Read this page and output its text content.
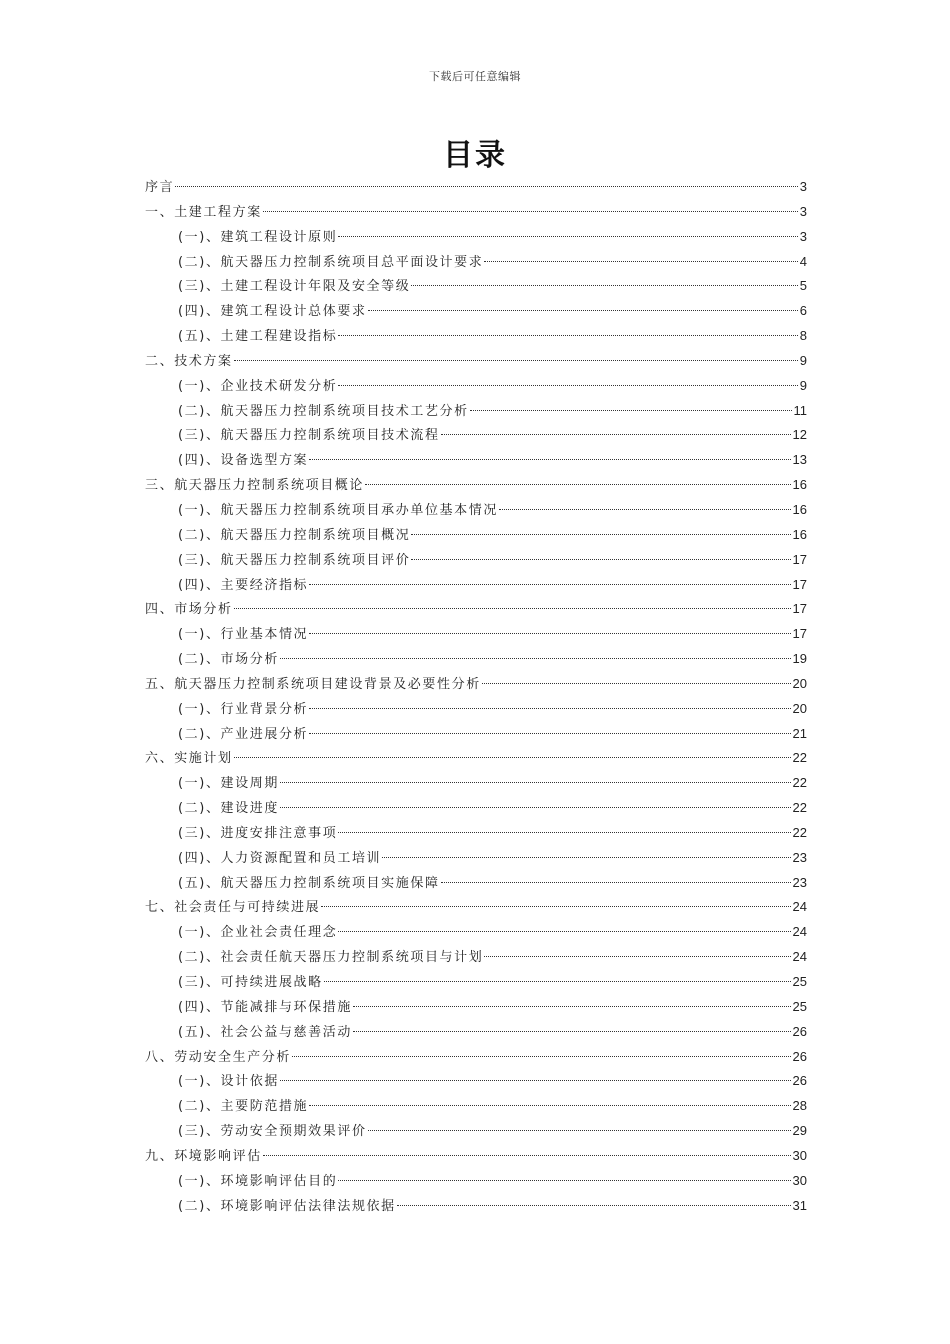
下载后可任意编辑
目录
序言	3
一、土建工程方案	3
(一)、建筑工程设计原则	3
(二)、航天器压力控制系统项目总平面设计要求	4
(三)、土建工程设计年限及安全等级	5
(四)、建筑工程设计总体要求	6
(五)、土建工程建设指标	8
二、技术方案	9
(一)、企业技术研发分析	9
(二)、航天器压力控制系统项目技术工艺分析	11
(三)、航天器压力控制系统项目技术流程	12
(四)、设备选型方案	13
三、航天器压力控制系统项目概论	16
(一)、航天器压力控制系统项目承办单位基本情况	16
(二)、航天器压力控制系统项目概况	16
(三)、航天器压力控制系统项目评价	17
(四)、主要经济指标	17
四、市场分析	17
(一)、行业基本情况	17
(二)、市场分析	19
五、航天器压力控制系统项目建设背景及必要性分析	20
(一)、行业背景分析	20
(二)、产业进展分析	21
六、实施计划	22
(一)、建设周期	22
(二)、建设进度	22
(三)、进度安排注意事项	22
(四)、人力资源配置和员工培训	23
(五)、航天器压力控制系统项目实施保障	23
七、社会责任与可持续进展	24
(一)、企业社会责任理念	24
(二)、社会责任航天器压力控制系统项目与计划	24
(三)、可持续进展战略	25
(四)、节能减排与环保措施	25
(五)、社会公益与慈善活动	26
八、劳动安全生产分析	26
(一)、设计依据	26
(二)、主要防范措施	28
(三)、劳动安全预期效果评价	29
九、环境影响评估	30
(一)、环境影响评估目的	30
(二)、环境影响评估法律法规依据	31
